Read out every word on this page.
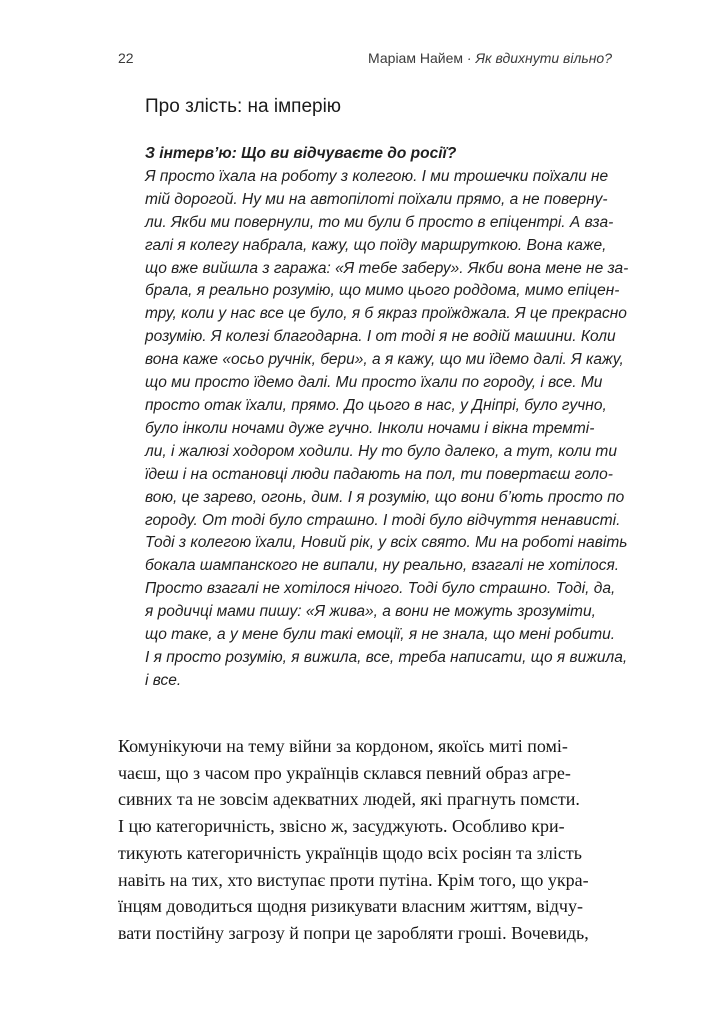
22	Маріам Найем · Як вдихнути вільно?
Про злість: на імперію
З інтерв’ю: Що ви відчуваєте до росії?
Я просто їхала на роботу з колегою. І ми трошечки поїхали не
тій дорогой. Ну ми на автопілоті поїхали прямо, а не поверну-
ли. Якби ми повернули, то ми були б просто в епіцентрі. А взa-
галі я колегу набрала, кажу, що поїду маршруткою. Вона каже,
що вже вийшла з гаража: «Я тебе заберу». Якби вона мене не за-
брала, я реально розумію, що мимо цього роддома, мимо епіцен-
тру, коли у нас все це було, я б якраз проїжджала. Я це прекрасно
розумію. Я колезі благодарна. І от тоді я не водій машини. Коли
вона каже «осьо ручнік, бери», а я кажу, що ми їдемо далі. Я кажу,
що ми просто їдемо далі. Ми просто їхали по городу, і все. Ми
просто отак їхали, прямо. До цього в нас, у Дніпрі, було гучно,
було інколи ночами дуже гучно. Інколи ночами і вікна тремті-
ли, і жалюзі ходором ходили. Ну то було далеко, а тут, коли ти
їдеш і на остановці люди падають на пол, ти повертаєш голо-
вою, це зарево, огонь, дим. І я розумію, що вони б’ють просто по
городу. От тоді було страшно. І тоді було відчуття ненависті.
Тоді з колегою їхали, Новий рік, у всіх свято. Ми на роботі навіть
бокала шампанского не випали, ну реально, взагалі не хотілося.
Просто взагалі не хотілося нічого. Тоді було страшно. Тоді, да,
я родичці мами пишу: «Я жива», а вони не можуть зрозуміти,
що таке, а у мене були такі емоції, я не знала, що мені робити.
І я просто розумію, я вижила, все, треба написати, що я вижила,
і все.
Комунікуючи на тему війни за кордоном, якоїсь миті помі-
чаєш, що з часом про українців склався певний образ агре-
сивних та не зовсім адекватних людей, які прагнуть помсти.
І цю категоричність, звісно ж, засуджують. Особливо кри-
тикують категоричність українців щодо всіх росіян та злість
навіть на тих, хто виступає проти путіна. Крім того, що укра-
їнцям доводиться щодня ризикувати власним життям, відчу-
вати постійну загрозу й попри це заробляти гроші. Вочевидь,
